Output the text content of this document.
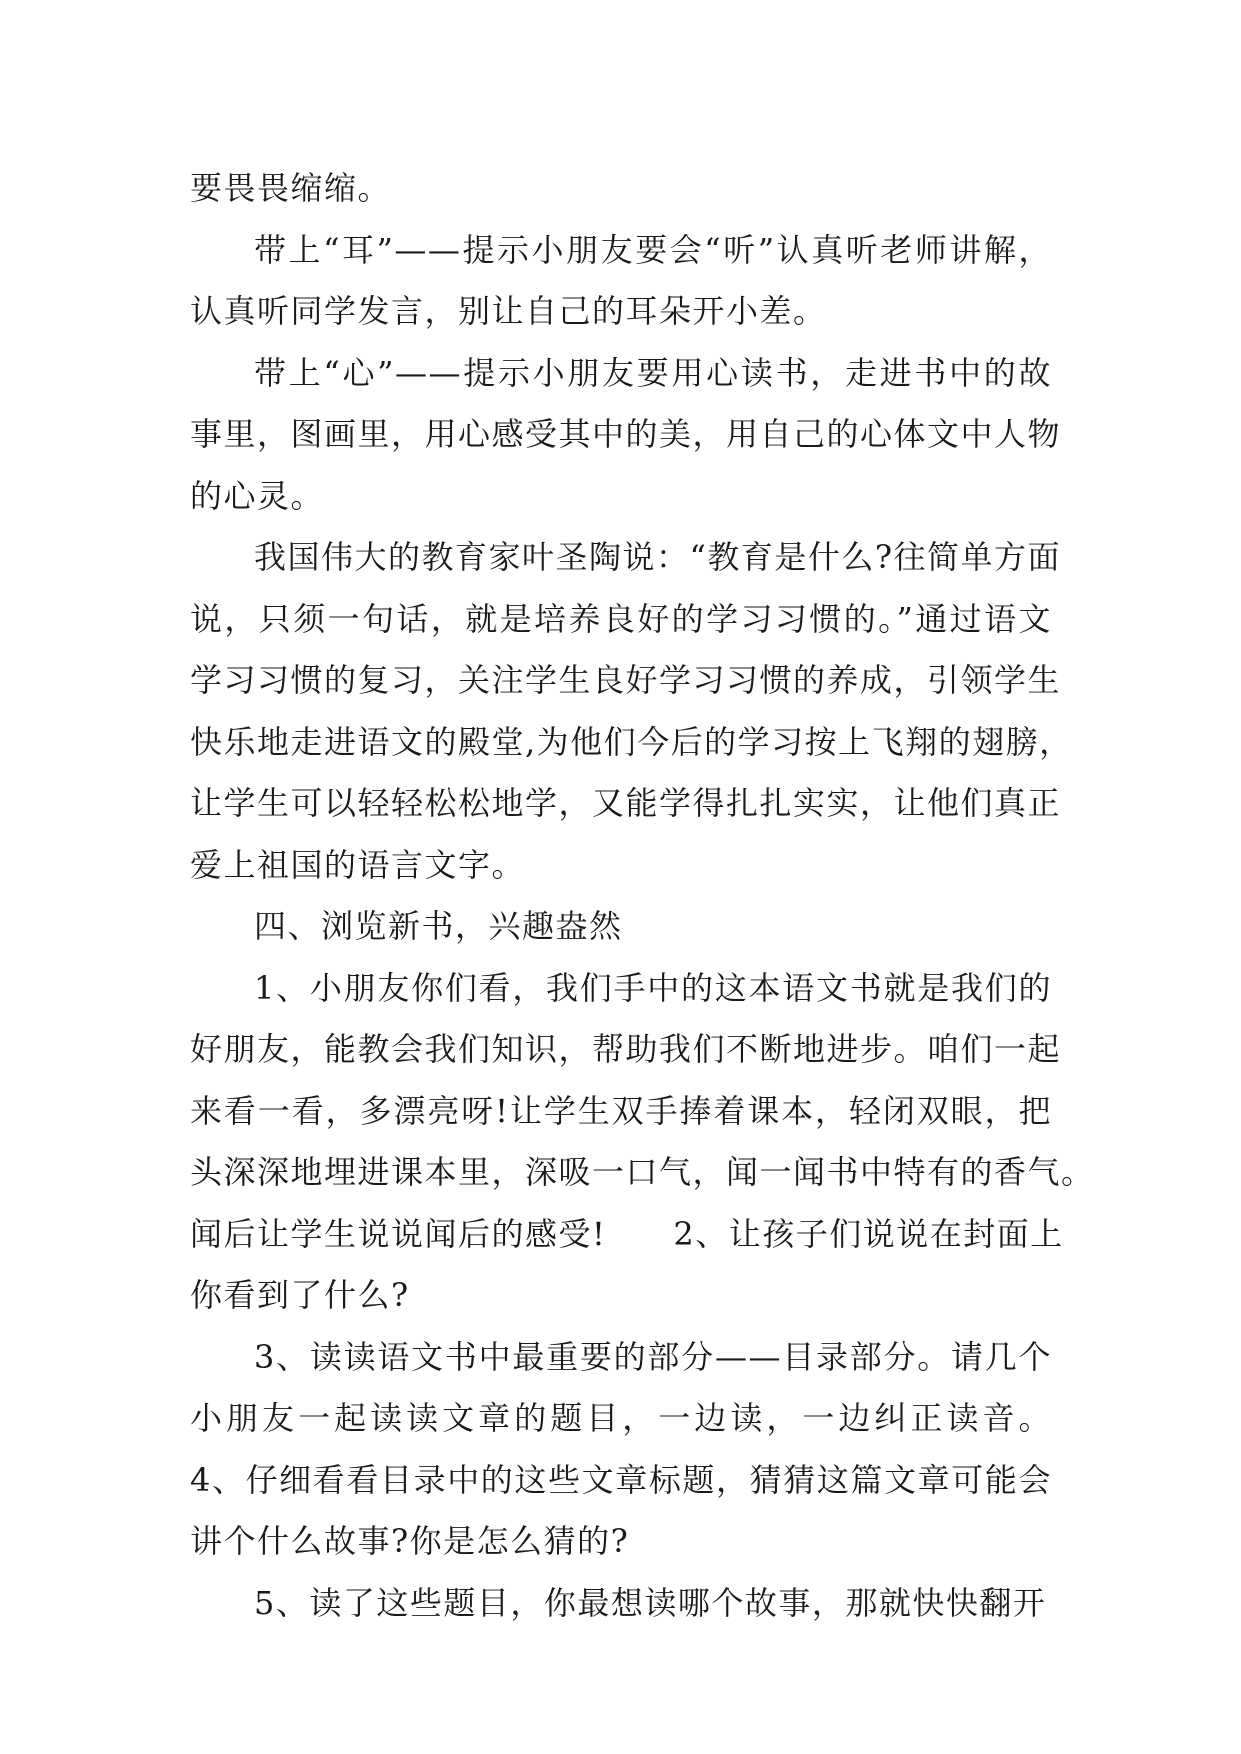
要畏畏缩缩。
带上“耳”——提示小朋友要会“听”认真听老师讲解，
认真听同学发言，别让自己的耳朵开小差。
带上“心”——提示小朋友要用心读书，走进书中的故
事里，图画里，用心感受其中的美，用自己的心体文中人物
的心灵。
我国伟大的教育家叶圣陶说：“教育是什么?往简单方面
说，只须一句话，就是培养良好的学习习惯的。”通过语文
学习习惯的复习，关注学生良好学习习惯的养成，引领学生
快乐地走进语文的殿堂,为他们今后的学习按上飞翔的翅膀，
让学生可以轻轻松松地学，又能学得扎扎实实，让他们真正
爱上祖国的语言文字。
四、浏览新书，兴趣盎然
1、小朋友你们看，我们手中的这本语文书就是我们的
好朋友，能教会我们知识，帮助我们不断地进步。咱们一起
来看一看，多漂亮呀!让学生双手捧着课本，轻闭双眼，把
头深深地埋进课本里，深吸一口气，闻一闻书中特有的香气。
闻后让学生说说闻后的感受!　　2、让孩子们说说在封面上
你看到了什么?
3、读读语文书中最重要的部分——目录部分。请几个
小朋友一起读读文章的题目，一边读，一边纠正读音。
4、仔细看看目录中的这些文章标题，猜猜这篇文章可能会
讲个什么故事?你是怎么猜的?
5、读了这些题目，你最想读哪个故事，那就快快翻开
